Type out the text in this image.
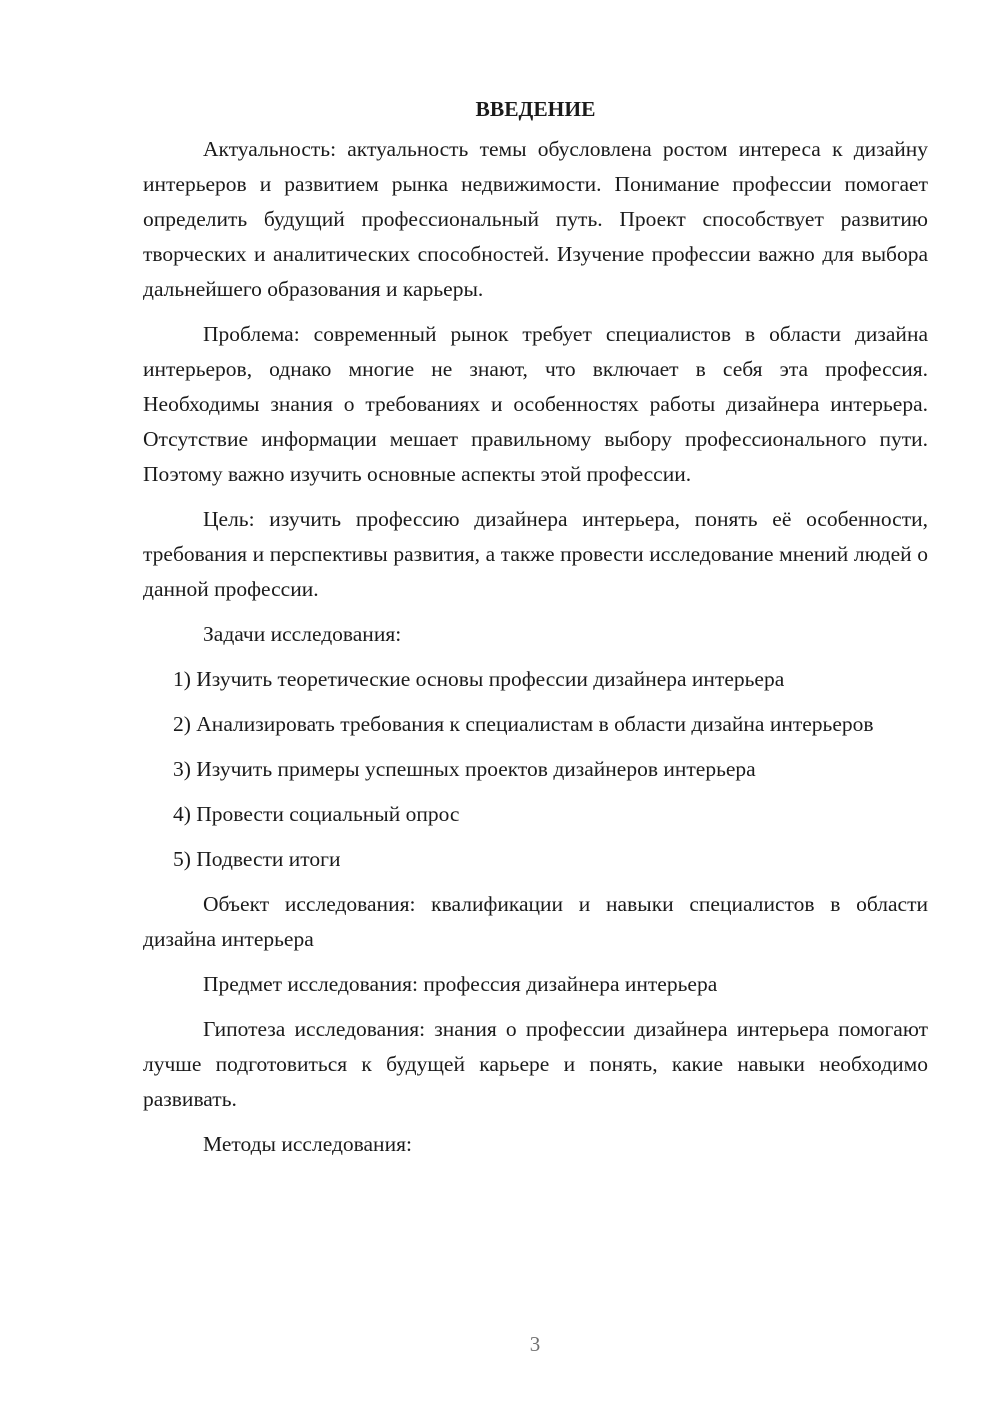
ВВЕДЕНИЕ
Актуальность: актуальность темы обусловлена ростом интереса к дизайну интерьеров и развитием рынка недвижимости. Понимание профессии помогает определить будущий профессиональный путь. Проект способствует развитию творческих и аналитических способностей. Изучение профессии важно для выбора дальнейшего образования и карьеры.
Проблема: современный рынок требует специалистов в области дизайна интерьеров, однако многие не знают, что включает в себя эта профессия. Необходимы знания о требованиях и особенностях работы дизайнера интерьера. Отсутствие информации мешает правильному выбору профессионального пути. Поэтому важно изучить основные аспекты этой профессии.
Цель: изучить профессию дизайнера интерьера, понять её особенности, требования и перспективы развития, а также провести исследование мнений людей о данной профессии.
Задачи исследования:
1) Изучить теоретические основы профессии дизайнера интерьера
2) Анализировать требования к специалистам в области дизайна интерьеров
3) Изучить примеры успешных проектов дизайнеров интерьера
4) Провести социальный опрос
5) Подвести итоги
Объект исследования: квалификации и навыки специалистов в области дизайна интерьера
Предмет исследования: профессия дизайнера интерьера
Гипотеза исследования: знания о профессии дизайнера интерьера помогают лучше подготовиться к будущей карьере и понять, какие навыки необходимо развивать.
Методы исследования:
3
